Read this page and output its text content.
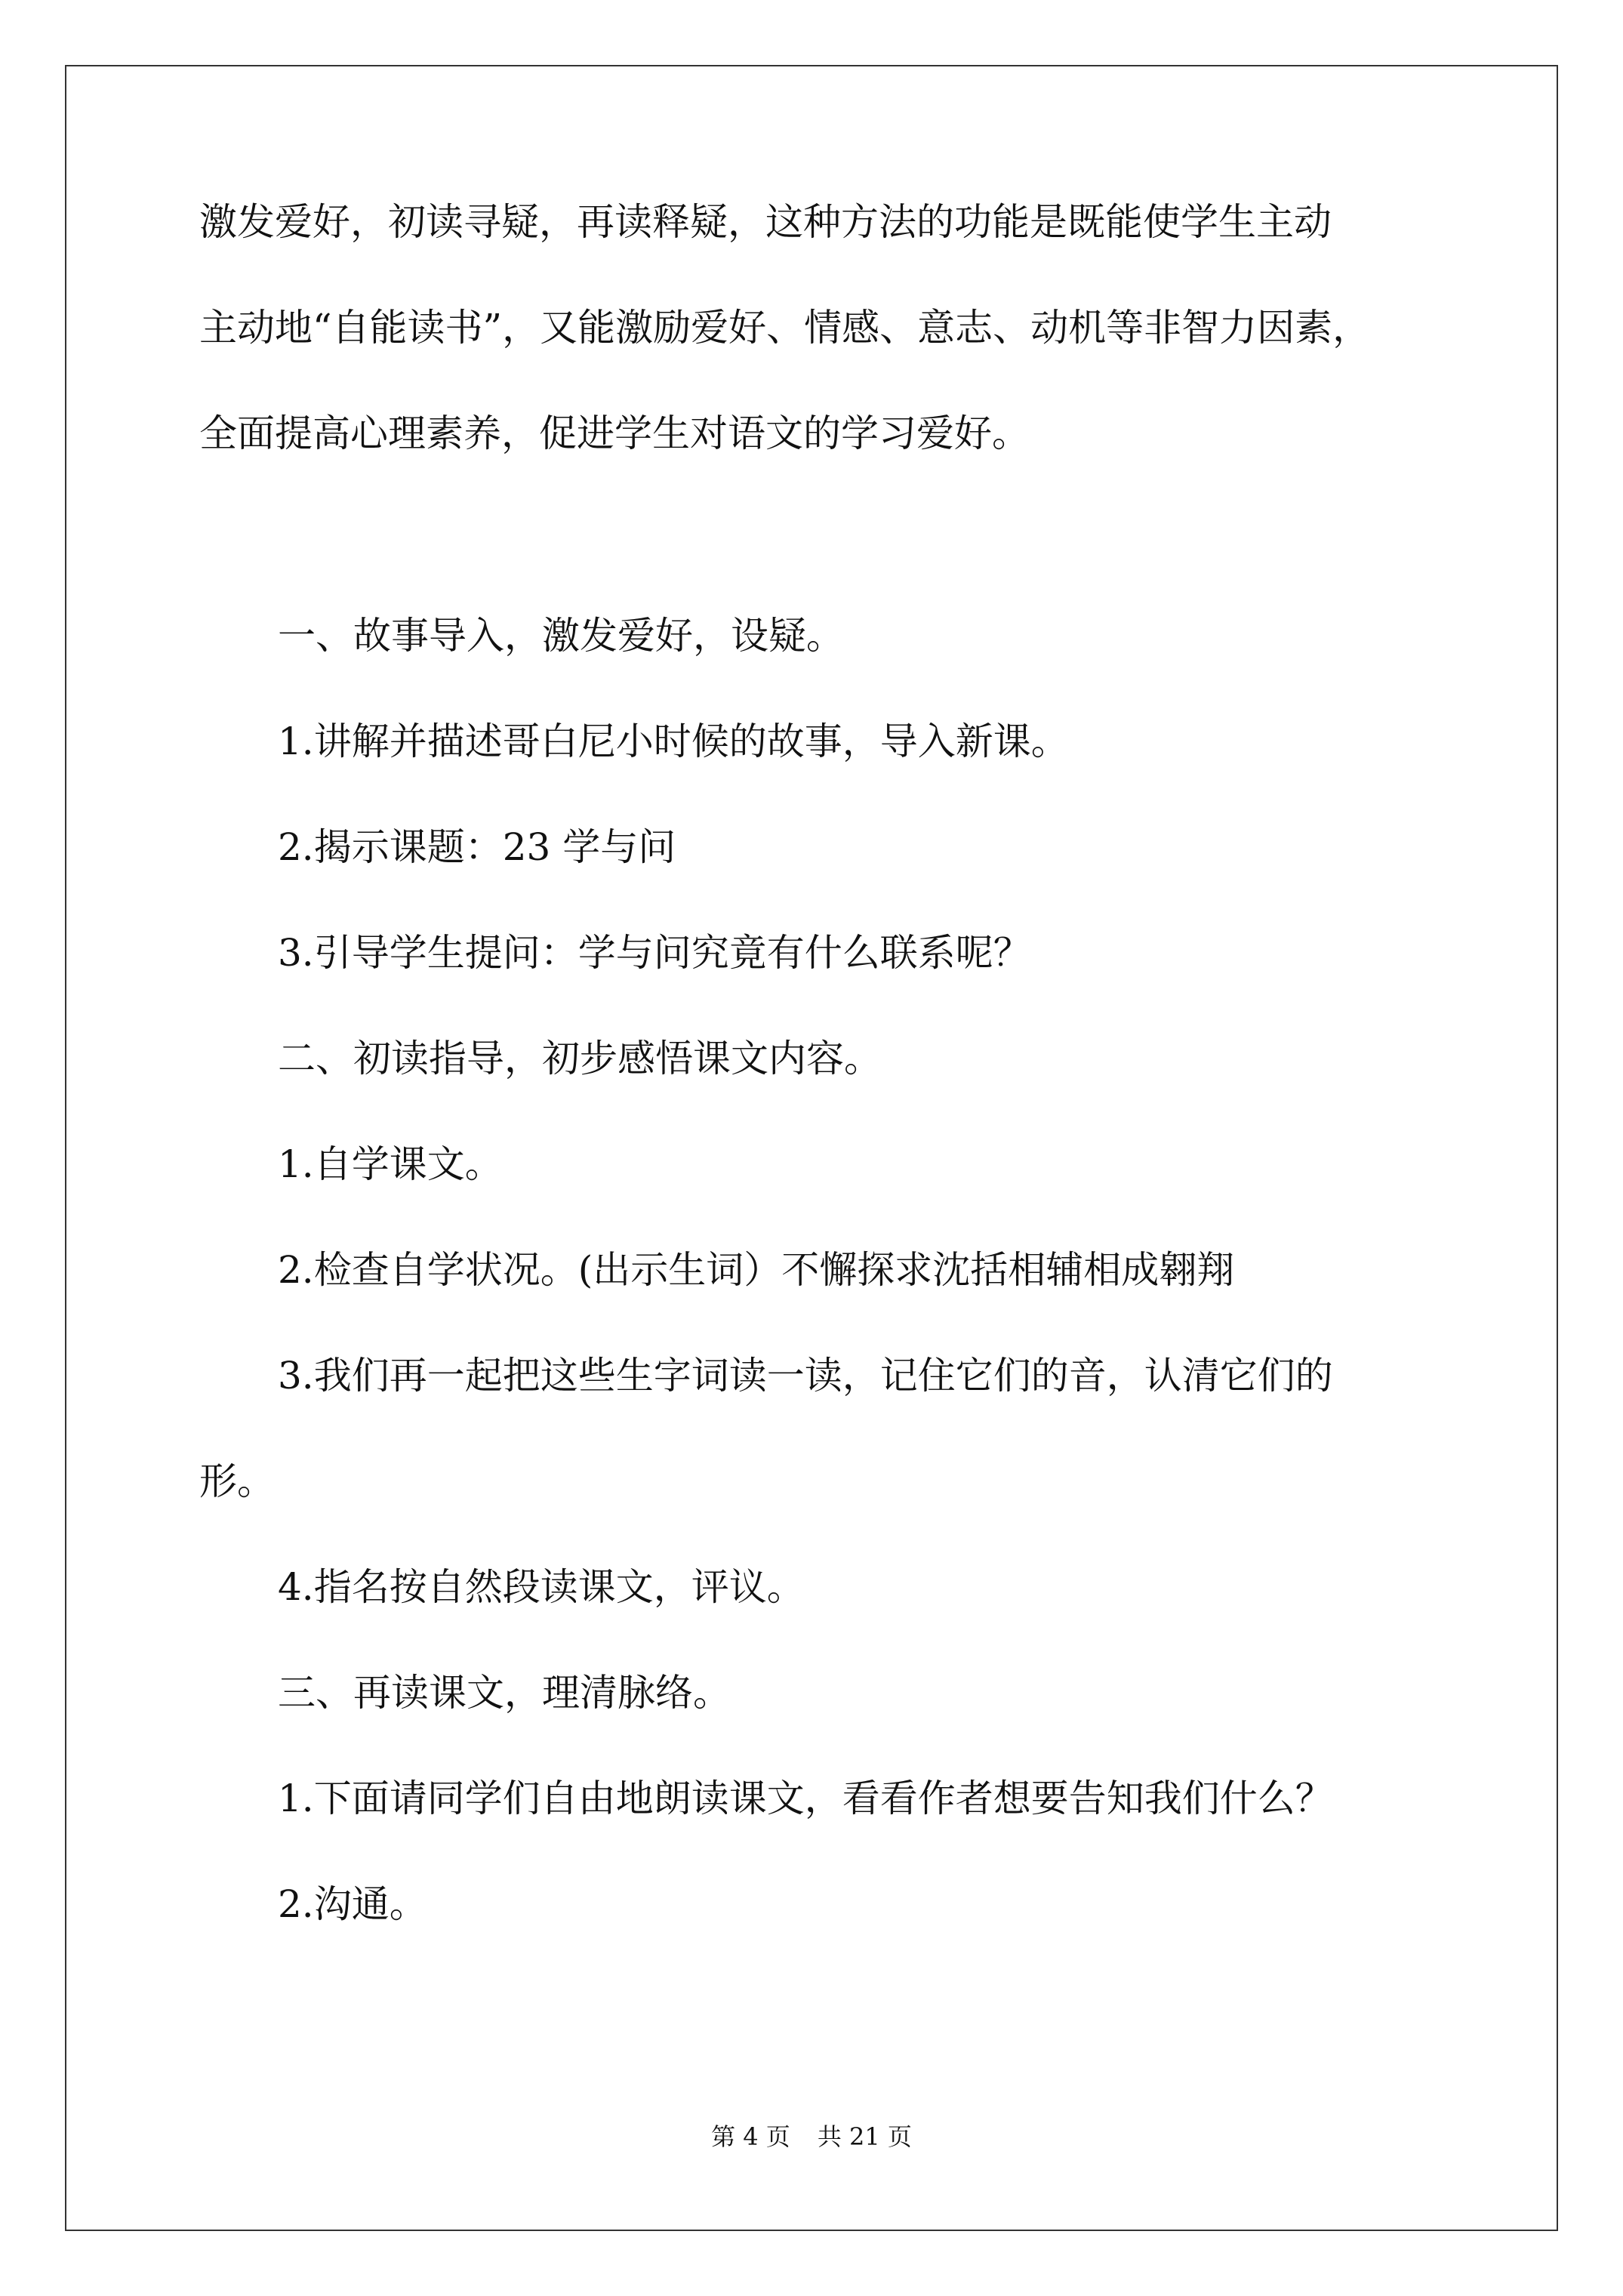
激发爱好，初读寻疑，再读释疑，这种方法的功能是既能使学生主动

主动地“自能读书”，又能激励爱好、情感、意志、动机等非智力因素，

全面提高心理素养，促进学生对语文的学习爱好。

一、故事导入，激发爱好，设疑。

1.讲解并描述哥白尼小时候的故事，导入新课。

2.揭示课题：23 学与问

3.引导学生提问：学与问究竟有什么联系呢？

二、初读指导，初步感悟课文内容。

1.自学课文。

2.检查自学状况。(出示生词）不懈探求沈括相辅相成翱翔

3.我们再一起把这些生字词读一读，记住它们的音，认清它们的

形。

4.指名按自然段读课文，评议。

三、再读课文，理清脉络。

1.下面请同学们自由地朗读课文，看看作者想要告知我们什么？

2.沟通。

第 4 页 共 21 页
